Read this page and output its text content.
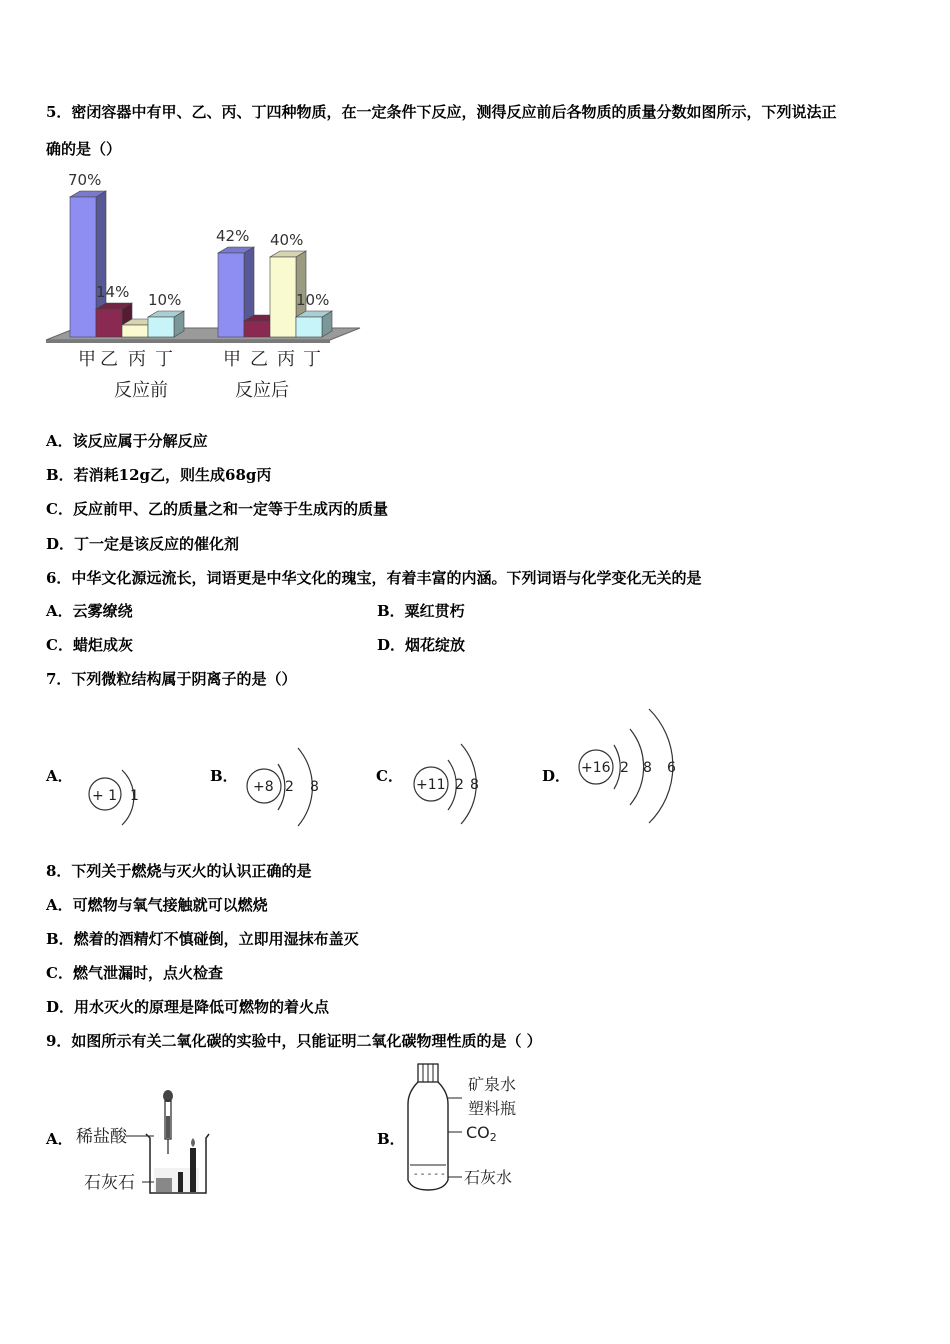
5．密闭容器中有甲、乙、丙、丁四种物质，在一定条件下反应，测得反应前后各物质的质量分数如图所示，下列说法正
确的是（）
70%
14% 10%
42% 40%
10%
甲 乙 丙 丁	甲 乙 丙 丁
反应前	反应后
A．该反应属于分解反应
B．若消耗12g乙，则生成68g丙
C．反应前甲、乙的质量之和一定等于生成丙的质量
D．丁一定是该反应的催化剂
6．中华文化源远流长，词语更是中华文化的瑰宝，有着丰富的内涵。下列词语与化学变化无关的是
A．云雾缭绕	B．粟红贯朽
C．蜡炬成灰	D．烟花绽放
7．下列微粒结构属于阴离子的是（）
A．
+ 1 1
B．
+8 2 8
C． +11 2 8	D． +16 2 8 6
8．下列关于燃烧与灭火的认识正确的是
A．可燃物与氧气接触就可以燃烧
B．燃着的酒精灯不慎碰倒，立即用湿抹布盖灭
C．燃气泄漏时，点火检查
D．用水灭火的原理是降低可燃物的着火点
9．如图所示有关二氧化碳的实验中，只能证明二氧化碳物理性质的是（ ）
A． 稀盐酸
石灰石
B．
- - - - -
矿泉水
塑料瓶
CO2
石灰水
